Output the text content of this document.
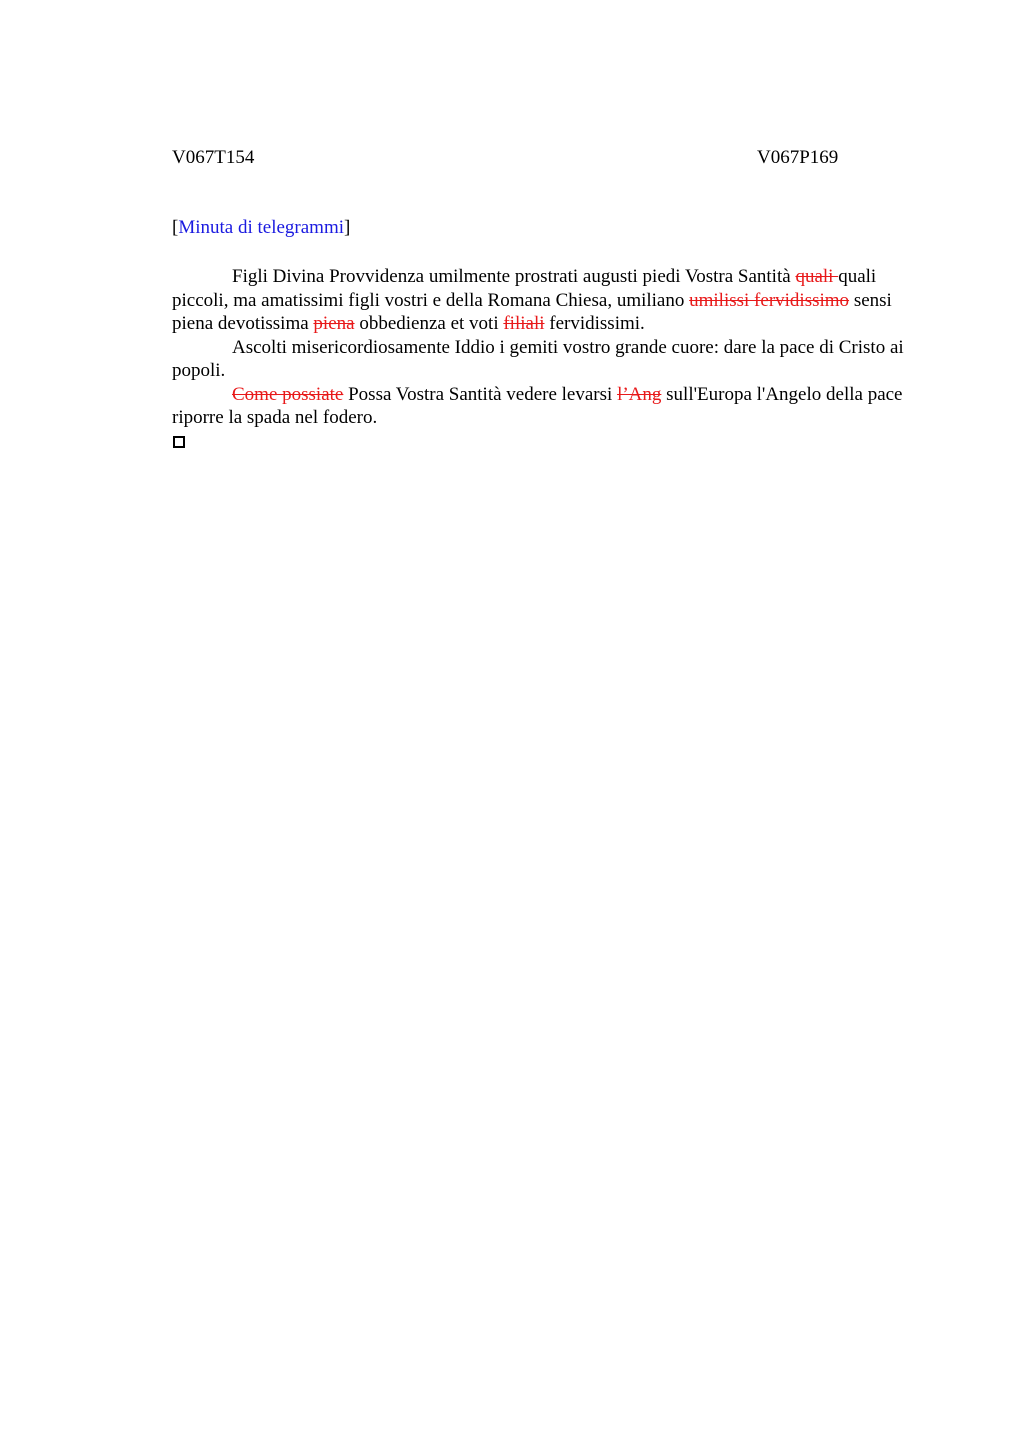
V067T154	V067P169
[Minuta di telegrammi]

Figli Divina Provvidenza umilmente prostrati augusti piedi Vostra Santità quali quali piccoli, ma amatissimi figli vostri e della Romana Chiesa, umiliano umilissi fervidissimo sensi piena devotissima piena obbedienza et voti filiali fervidissimi.

Ascolti misericordiosamente Iddio i gemiti vostro grande cuore: dare la pace di Cristo ai popoli.

Come possiate Possa Vostra Santità vedere levarsi l’Ang sull'Europa l'Angelo della pace riporre la spada nel fodero.
